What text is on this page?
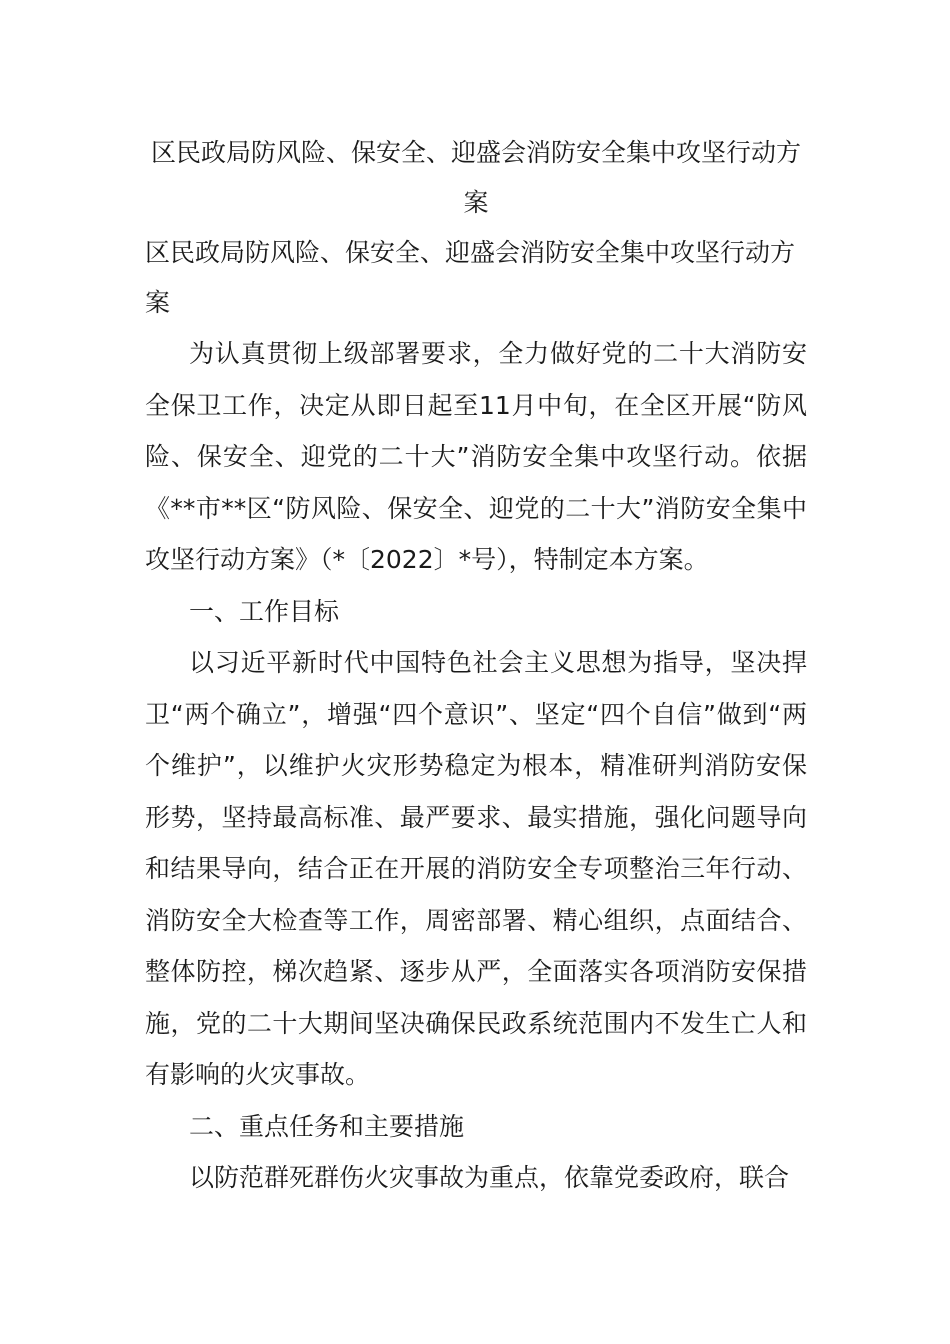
区民政局防风险、保安全、迎盛会消防安全集中攻坚行动方案

区民政局防风险、保安全、迎盛会消防安全集中攻坚行动方案

为认真贯彻上级部署要求，全力做好党的二十大消防安全保卫工作，决定从即日起至11月中旬，在全区开展“防风险、保安全、迎党的二十大”消防安全集中攻坚行动。依据《**市**区“防风险、保安全、迎党的二十大”消防安全集中攻坚行动方案》（*〔2022〕*号），特制定本方案。

一、工作目标

以习近平新时代中国特色社会主义思想为指导，坚决捍卫“两个确立”，增强“四个意识”、坚定“四个自信”做到“两个维护”，以维护火灾形势稳定为根本，精准研判消防安保形势，坚持最高标准、最严要求、最实措施，强化问题导向和结果导向，结合正在开展的消防安全专项整治三年行动、消防安全大检查等工作，周密部署、精心组织，点面结合、整体防控，梯次趋紧、逐步从严，全面落实各项消防安保措施，党的二十大期间坚决确保民政系统范围内不发生亡人和有影响的火灾事故。

二、重点任务和主要措施

以防范群死群伤火灾事故为重点，依靠党委政府，联合
